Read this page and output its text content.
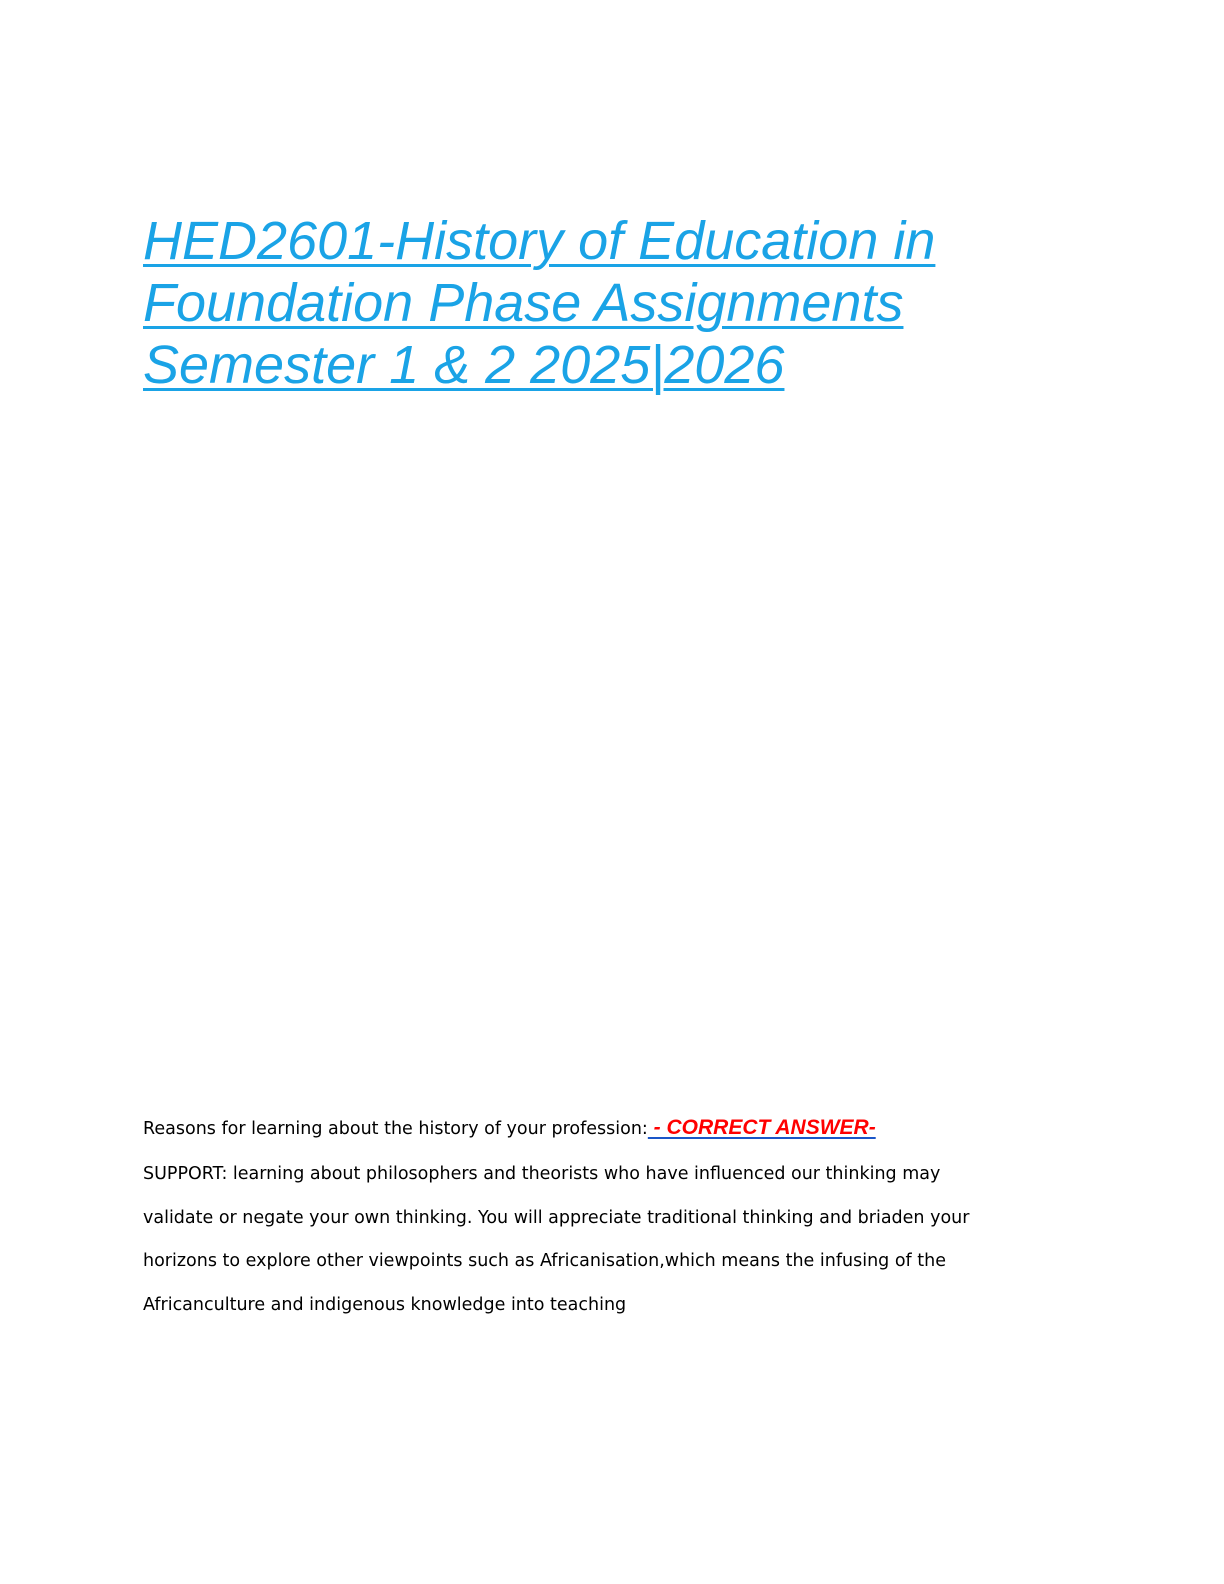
HED2601-History of Education in
Foundation Phase Assignments
Semester 1 & 2 2025|2026
Reasons for learning about the history of your profession: - CORRECT ANSWER-
SUPPORT: learning about philosophers and theorists who have influenced our thinking may
validate or negate your own thinking. You will appreciate traditional thinking and briaden your
horizons to explore other viewpoints such as Africanisation,which means the infusing of the
Africanculture and indigenous knowledge into teaching
